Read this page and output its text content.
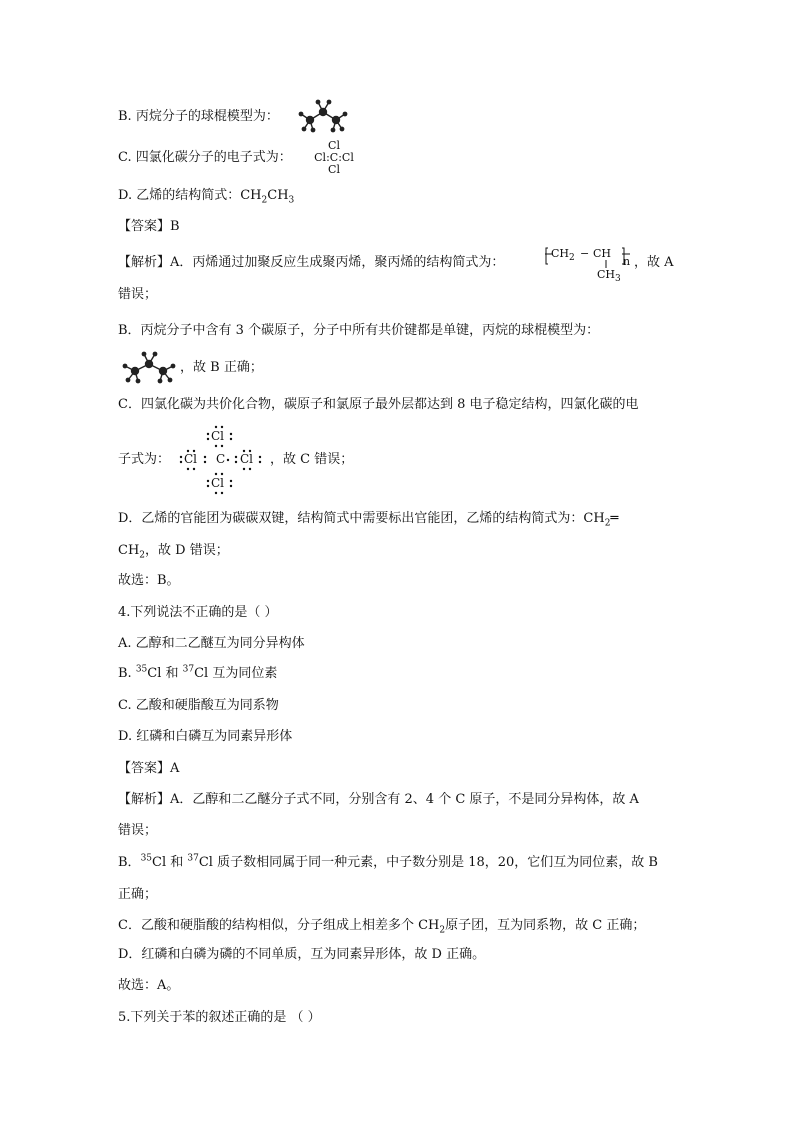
B. 丙烷分子的球棍模型为：
C. 四氯化碳分子的电子式为：
Cl
Cl:C:Cl
Cl
D. 乙烯的结构简式：$CH_2CH_3$
【答案】B
【解析】A．丙烯通过加聚反应生成聚丙烯，聚丙烯的结构简式为：
$CH_2$ − CH
n
$CH_3$
，故 A
错误；
B．丙烷分子中含有 3 个碳原子，分子中所有共价键都是单键，丙烷的球棍模型为：
，故 B 正确；
C．四氯化碳为共价化合物，碳原子和氯原子最外层都达到 8 电子稳定结构，四氯化碳的电
子式为：
Cl
Cl C Cl
Cl
，故 C 错误；
D．乙烯的官能团为碳碳双键，结构简式中需要标出官能团，乙烯的结构简式为：$CH_2═$
$CH_2$，故 D 错误；
故选：B。
4.下列说法不正确的是（ ）
A. 乙醇和二乙醚互为同分异构体
B. $^{35}$Cl 和 $^{37}$Cl 互为同位素
C. 乙酸和硬脂酸互为同系物
D. 红磷和白磷互为同素异形体
【答案】A
【解析】A．乙醇和二乙醚分子式不同，分别含有 2、4 个 C 原子，不是同分异构体，故 A
错误；
B．$^{35}$Cl 和 $^{37}$Cl 质子数相同属于同一种元素，中子数分别是 18，20，它们互为同位素，故 B
正确；
C．乙酸和硬脂酸的结构相似，分子组成上相差多个 $CH_2$原子团，互为同系物，故 C 正确；
D．红磷和白磷为磷的不同单质，互为同素异形体，故 D 正确。
故选：A。
5.下列关于苯的叙述正确的是 （ ）
